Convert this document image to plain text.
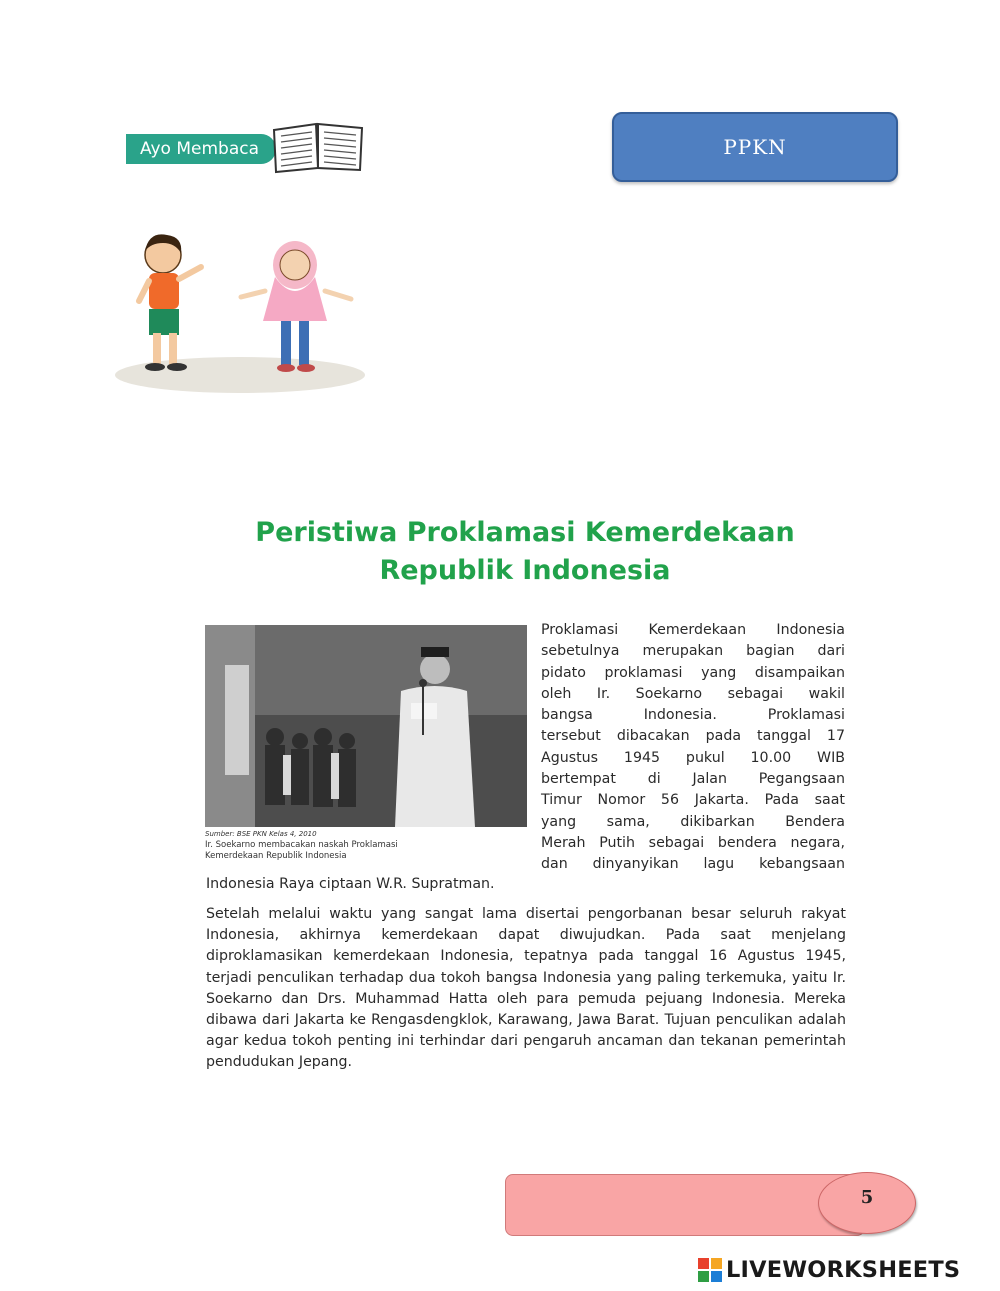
Ayo Membaca	PPKN
Peristiwa Proklamasi Kemerdekaan
Republik Indonesia
Sumber: BSE PKN Kelas 4, 2010
Ir. Soekarno membacakan naskah Proklamasi
Kemerdekaan Republik Indonesia

Proklamasi Kemerdekaan Indonesia

sebetulnya merupakan bagian dari

pidato proklamasi yang disampaikan

oleh Ir. Soekarno sebagai wakil

bangsa Indonesia. Proklamasi

tersebut dibacakan pada tanggal 17

Agustus 1945 pukul 10.00 WIB

bertempat di Jalan Pegangsaan

Timur Nomor 56 Jakarta. Pada saat

yang sama, dikibarkan Bendera

Merah Putih sebagai bendera negara,

dan dinyanyikan lagu kebangsaan

Indonesia Raya ciptaan W.R. Supratman.
Setelah melalui waktu yang sangat lama disertai pengorbanan besar seluruh rakyat Indonesia, akhirnya kemerdekaan dapat diwujudkan. Pada saat menjelang diproklamasikan kemerdekaan Indonesia, tepatnya pada tanggal 16 Agustus 1945, terjadi penculikan terhadap dua tokoh bangsa Indonesia yang paling terkemuka, yaitu Ir. Soekarno dan Drs. Muhammad Hatta oleh para pemuda pejuang Indonesia. Mereka dibawa dari Jakarta ke Rengasdengklok, Karawang, Jawa Barat. Tujuan penculikan adalah agar kedua tokoh penting ini terhindar dari pengaruh ancaman dan tekanan pemerintah pendudukan Jepang.
5
LIVEWORKSHEETS
